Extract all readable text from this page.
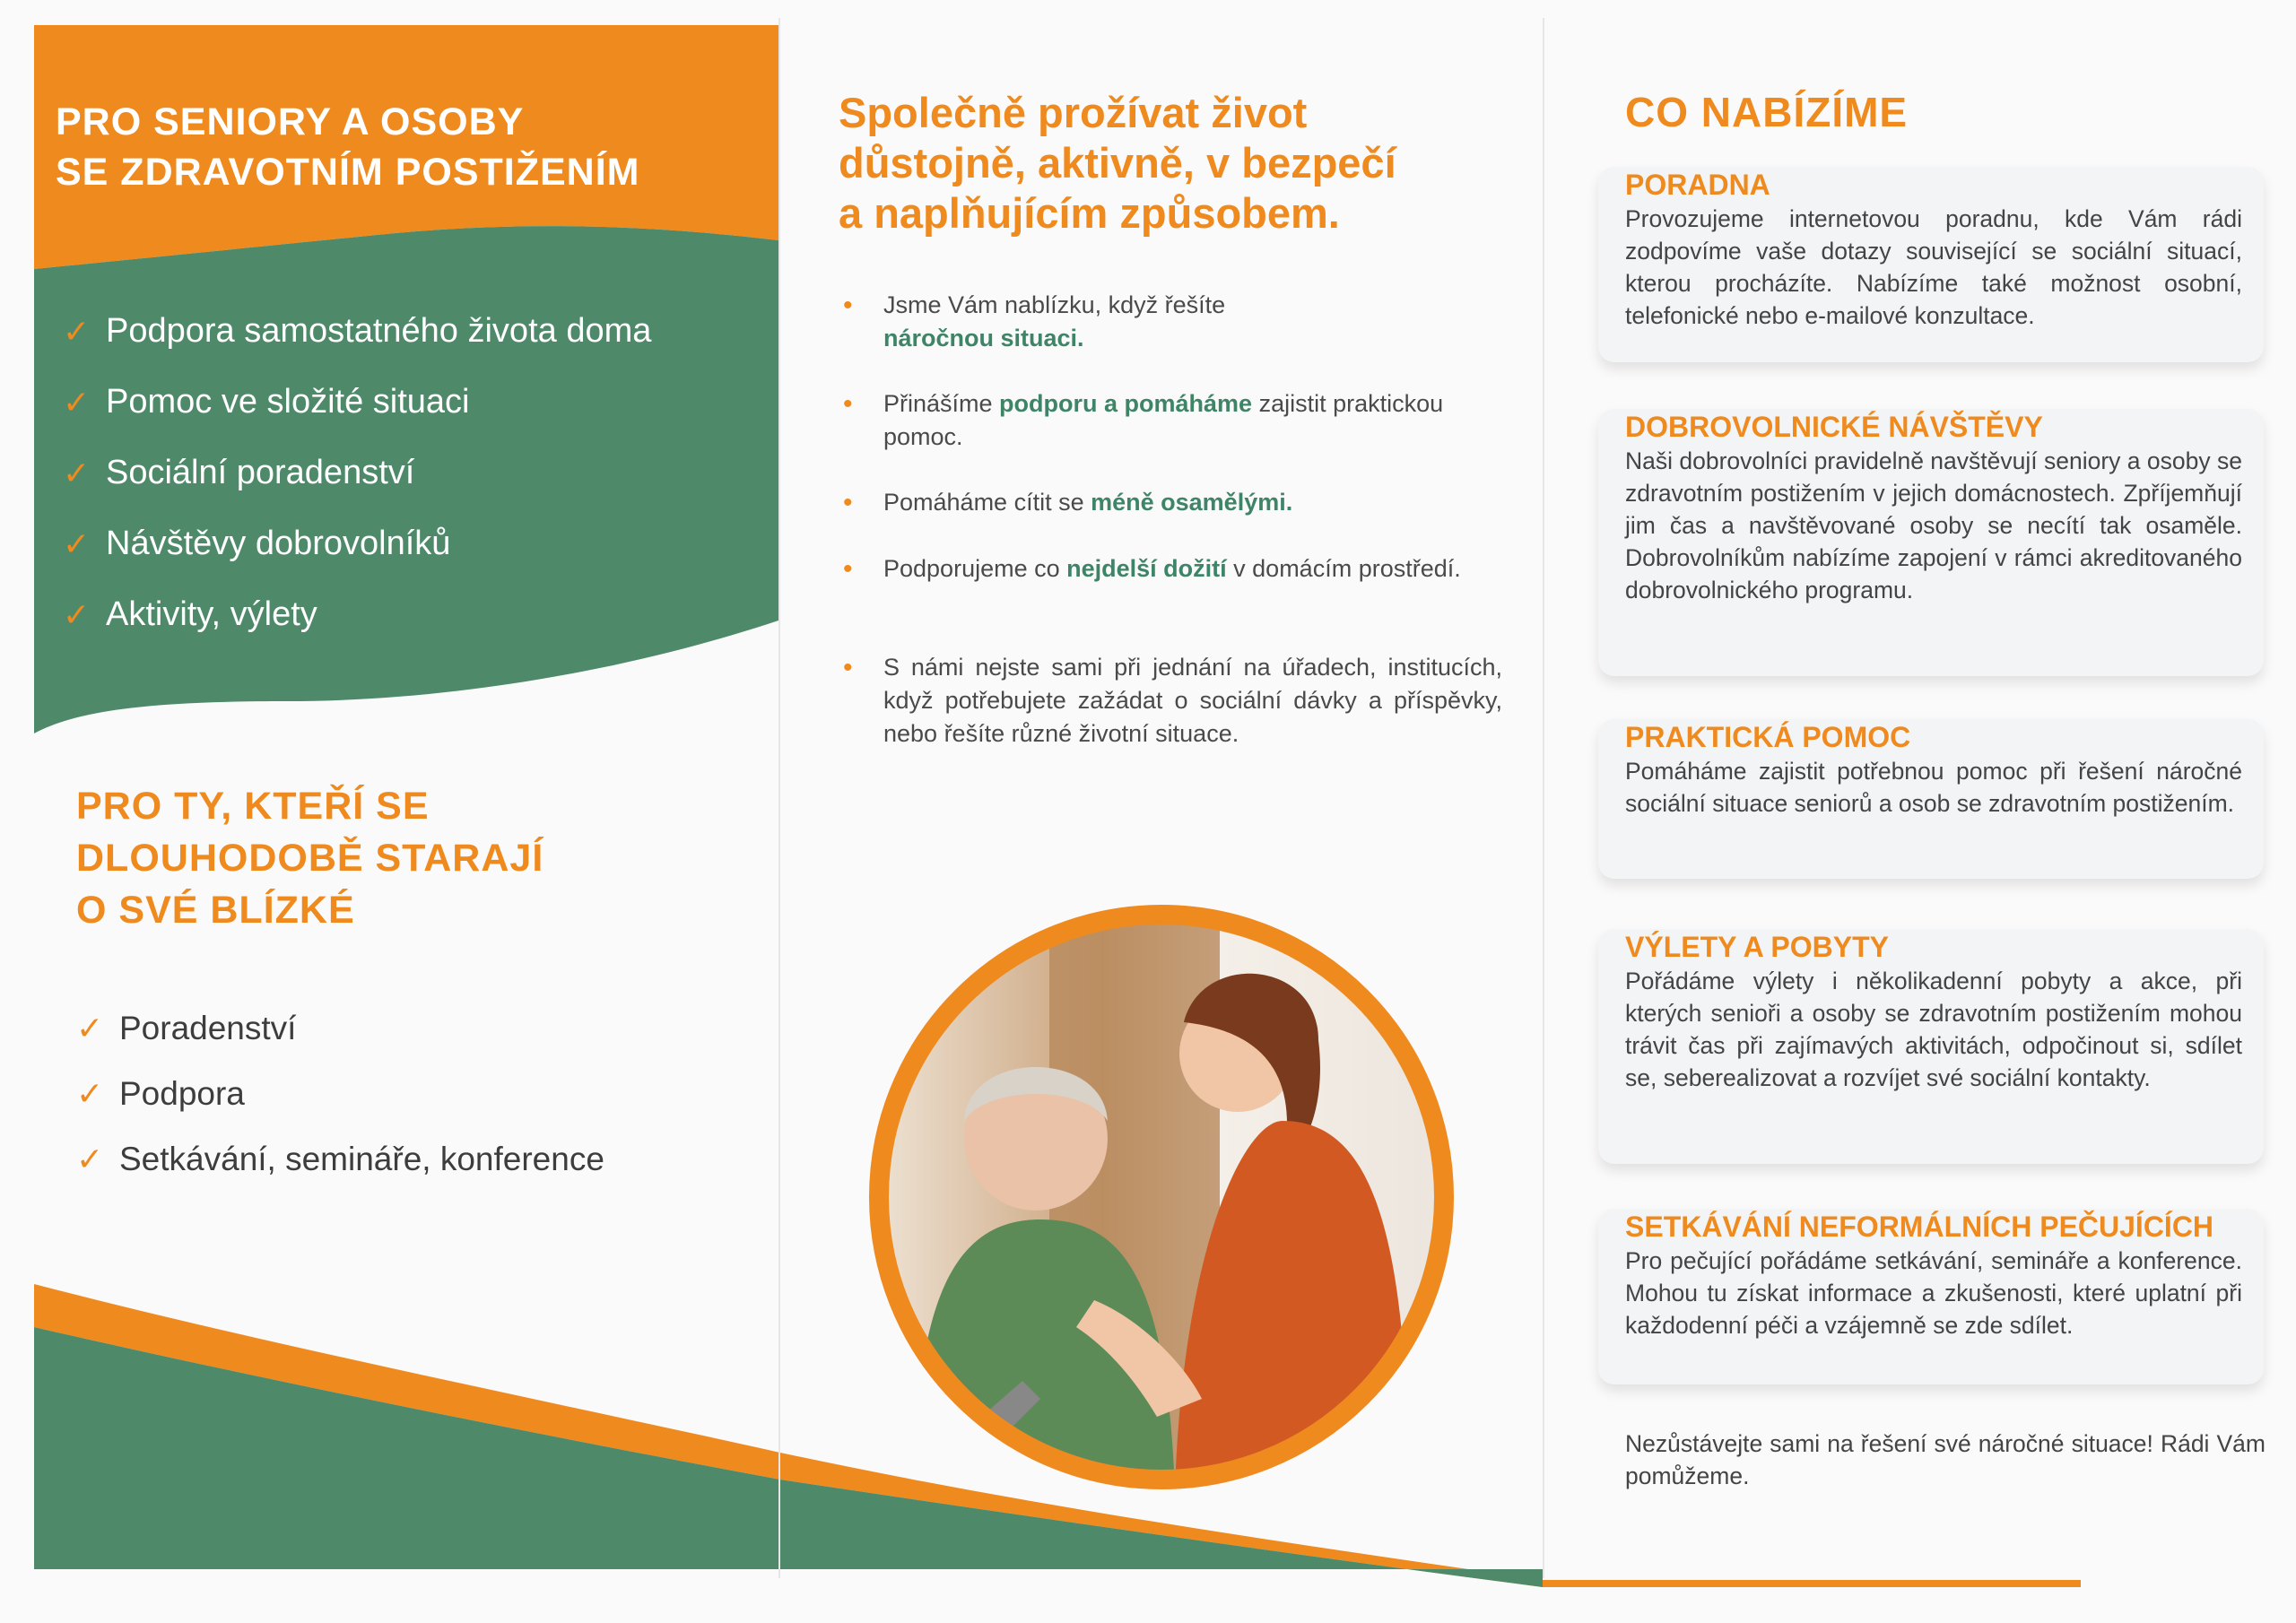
PRO SENIORY A OSOBY
SE ZDRAVOTNÍM POSTIŽENÍM
✓ Podpora samostatného života doma
✓ Pomoc ve složité situaci
✓ Sociální poradenství
✓ Návštěvy dobrovolníků
✓ Aktivity, výlety
PRO TY, KTEŘÍ SE
DLOUHODOBĚ STARAJÍ
O SVÉ BLÍZKÉ
✓ Poradenství
✓ Podpora
✓ Setkávání, semináře, konference
Společně prožívat život
důstojně, aktivně, v bezpečí
a naplňujícím způsobem.
• Jsme Vám nablízku, když řešíte
náročnou situaci.
• Přinášíme podporu a pomáháme zajistit praktickou pomoc.
• Pomáháme cítit se méně osamělými.
• Podporujeme co nejdelší dožití v domácím prostředí.
• S námi nejste sami při jednání na úřadech, institucích, když potřebujete zažádat o sociální dávky a příspěvky, nebo řešíte různé životní situace.
CO NABÍZÍME
PORADNA

Provozujeme internetovou poradnu, kde Vám rádi zodpovíme vaše dotazy související se sociální situací, kterou procházíte. Nabízíme také možnost osobní, telefonické nebo e-mailové konzultace.

DOBROVOLNICKÉ NÁVŠTĚVY

Naši dobrovolníci pravidelně navštěvují seniory a osoby se zdravotním postižením v jejich domácnostech. Zpříjemňují jim čas a navštěvované osoby se necítí tak osaměle. Dobrovolníkům nabízíme zapojení v rámci akreditovaného dobrovolnického programu.

PRAKTICKÁ POMOC

Pomáháme zajistit potřebnou pomoc při řešení náročné sociální situace seniorů a osob se zdravotním postižením.

VÝLETY A POBYTY

Pořádáme výlety i několikadenní pobyty a akce, při kterých senioři a osoby se zdravotním postižením mohou trávit čas při zajímavých aktivitách, odpočinout si, sdílet se, seberealizovat a rozvíjet své sociální kontakty.

SETKÁVÁNÍ NEFORMÁLNÍCH PEČUJÍCÍCH

Pro pečující pořádáme setkávání, semináře a konference. Mohou tu získat informace a zkušenosti, které uplatní při každodenní péči a vzájemně se zde sdílet.

Nezůstávejte sami na řešení své náročné situace! Rádi Vám pomůžeme.
